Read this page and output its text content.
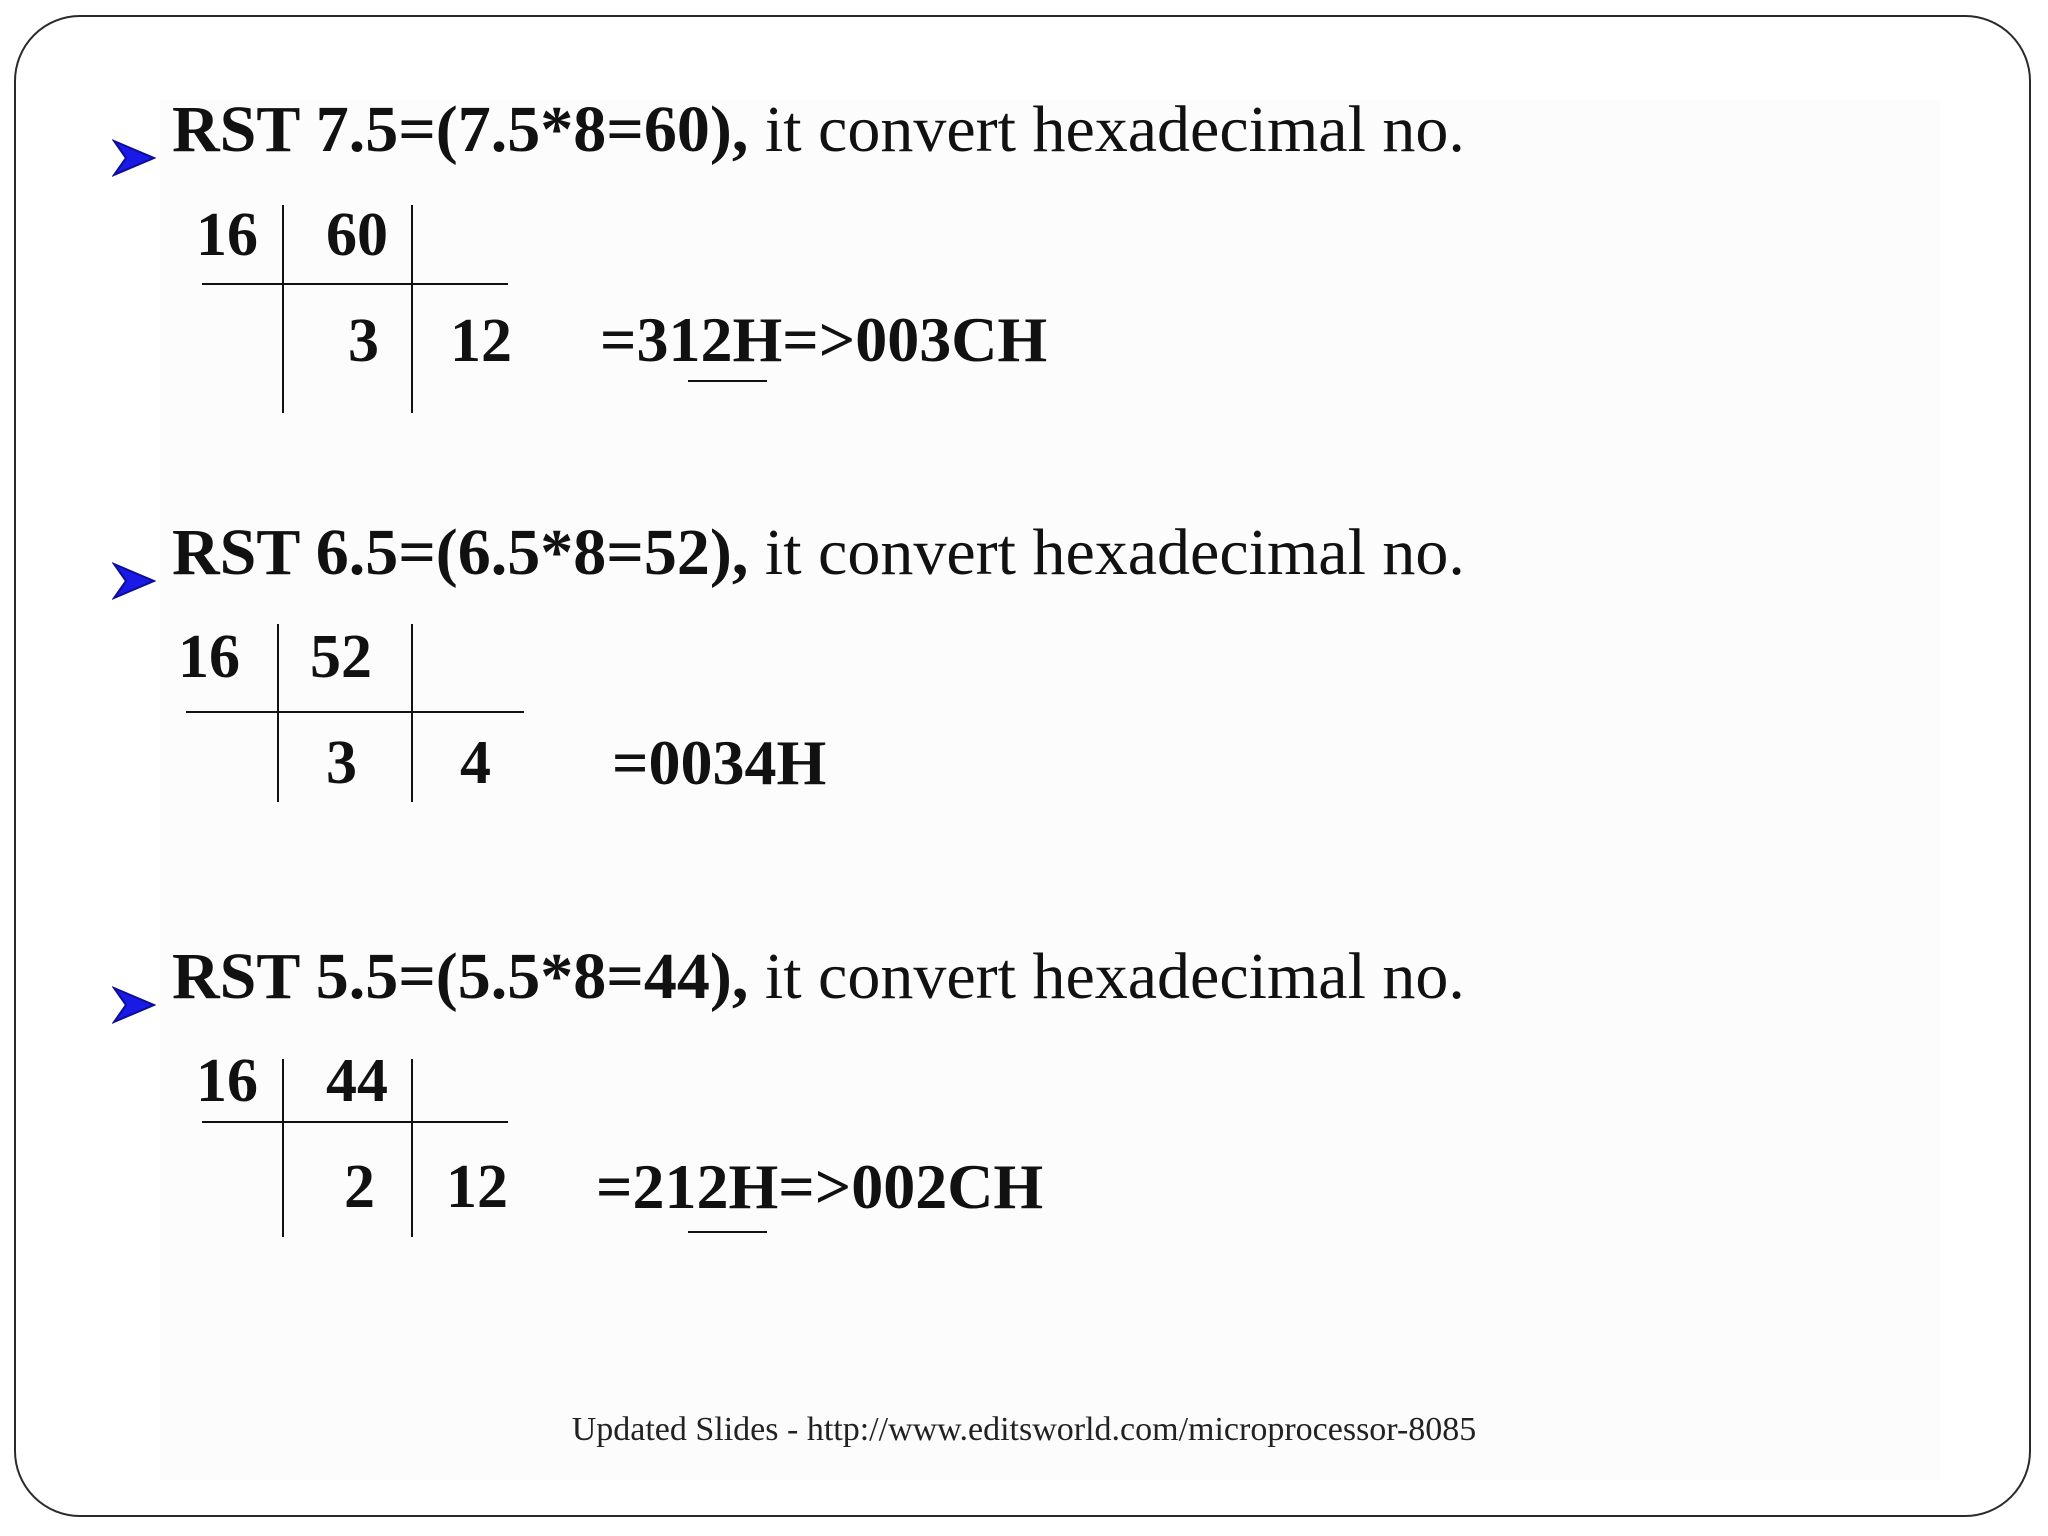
RST 7.5=(7.5*8=60), it convert hexadecimal no.
16 60
3 12 =312H=>003CH
RST 6.5=(6.5*8=52), it convert hexadecimal no.
16 52
3 4 =0034H
RST 5.5=(5.5*8=44), it convert hexadecimal no.
16 44
2 12 =212H=>002CH
Updated Slides - http://www.editsworld.com/microprocessor-8085
